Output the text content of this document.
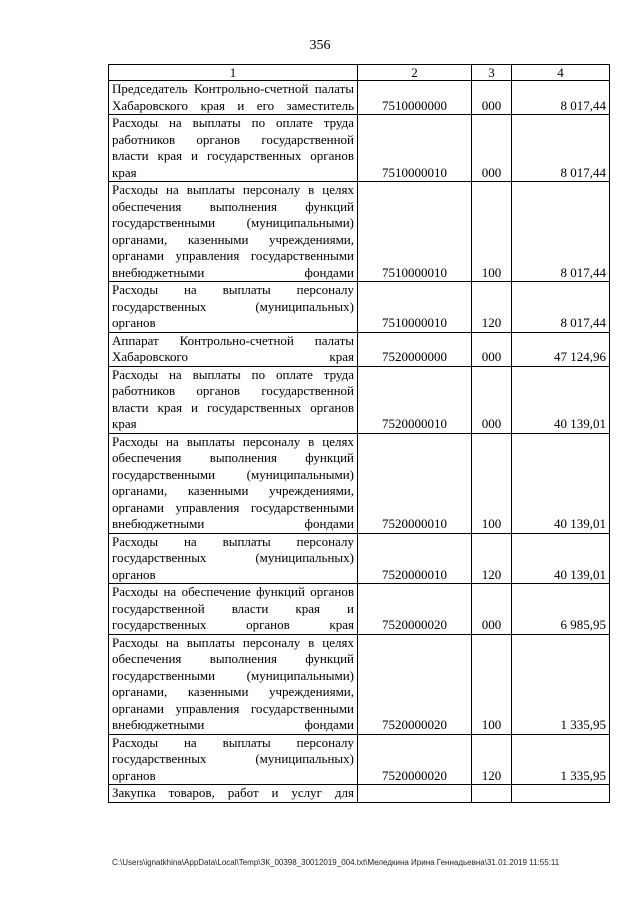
356
1	2	3	4
Председатель Контрольно-счетной палаты Хабаровского края и его заместитель	7510000000	000	8 017,44
Расходы на выплаты по оплате труда работников органов государственной власти края и государственных органов края	7510000010	000	8 017,44
Расходы на выплаты персоналу в целях обеспечения выполнения функций государственными (муниципальными) органами, казенными учреждениями, органами управления государственными внебюджетными фондами	7510000010	100	8 017,44
Расходы на выплаты персоналу государственных (муниципальных) органов	7510000010	120	8 017,44
Аппарат Контрольно-счетной палаты Хабаровского края	7520000000	000	47 124,96
Расходы на выплаты по оплате труда работников органов государственной власти края и государственных органов края	7520000010	000	40 139,01
Расходы на выплаты персоналу в целях обеспечения выполнения функций государственными (муниципальными) органами, казенными учреждениями, органами управления государственными внебюджетными фондами	7520000010	100	40 139,01
Расходы на выплаты персоналу государственных (муниципальных) органов	7520000010	120	40 139,01
Расходы на обеспечение функций органов государственной власти края и государственных органов края	7520000020	000	6 985,95
Расходы на выплаты персоналу в целях обеспечения выполнения функций государственными (муниципальными) органами, казенными учреждениями, органами управления государственными внебюджетными фондами	7520000020	100	1 335,95
Расходы на выплаты персоналу государственных (муниципальных) органов	7520000020	120	1 335,95
Закупка товаров, работ и услуг для			
C:\Users\ignatkhina\AppData\Local\Temp\ЗК_00398_30012019_004.txt\Меледкина Ирина Геннадьевна\31.01.2019 11:55:11
